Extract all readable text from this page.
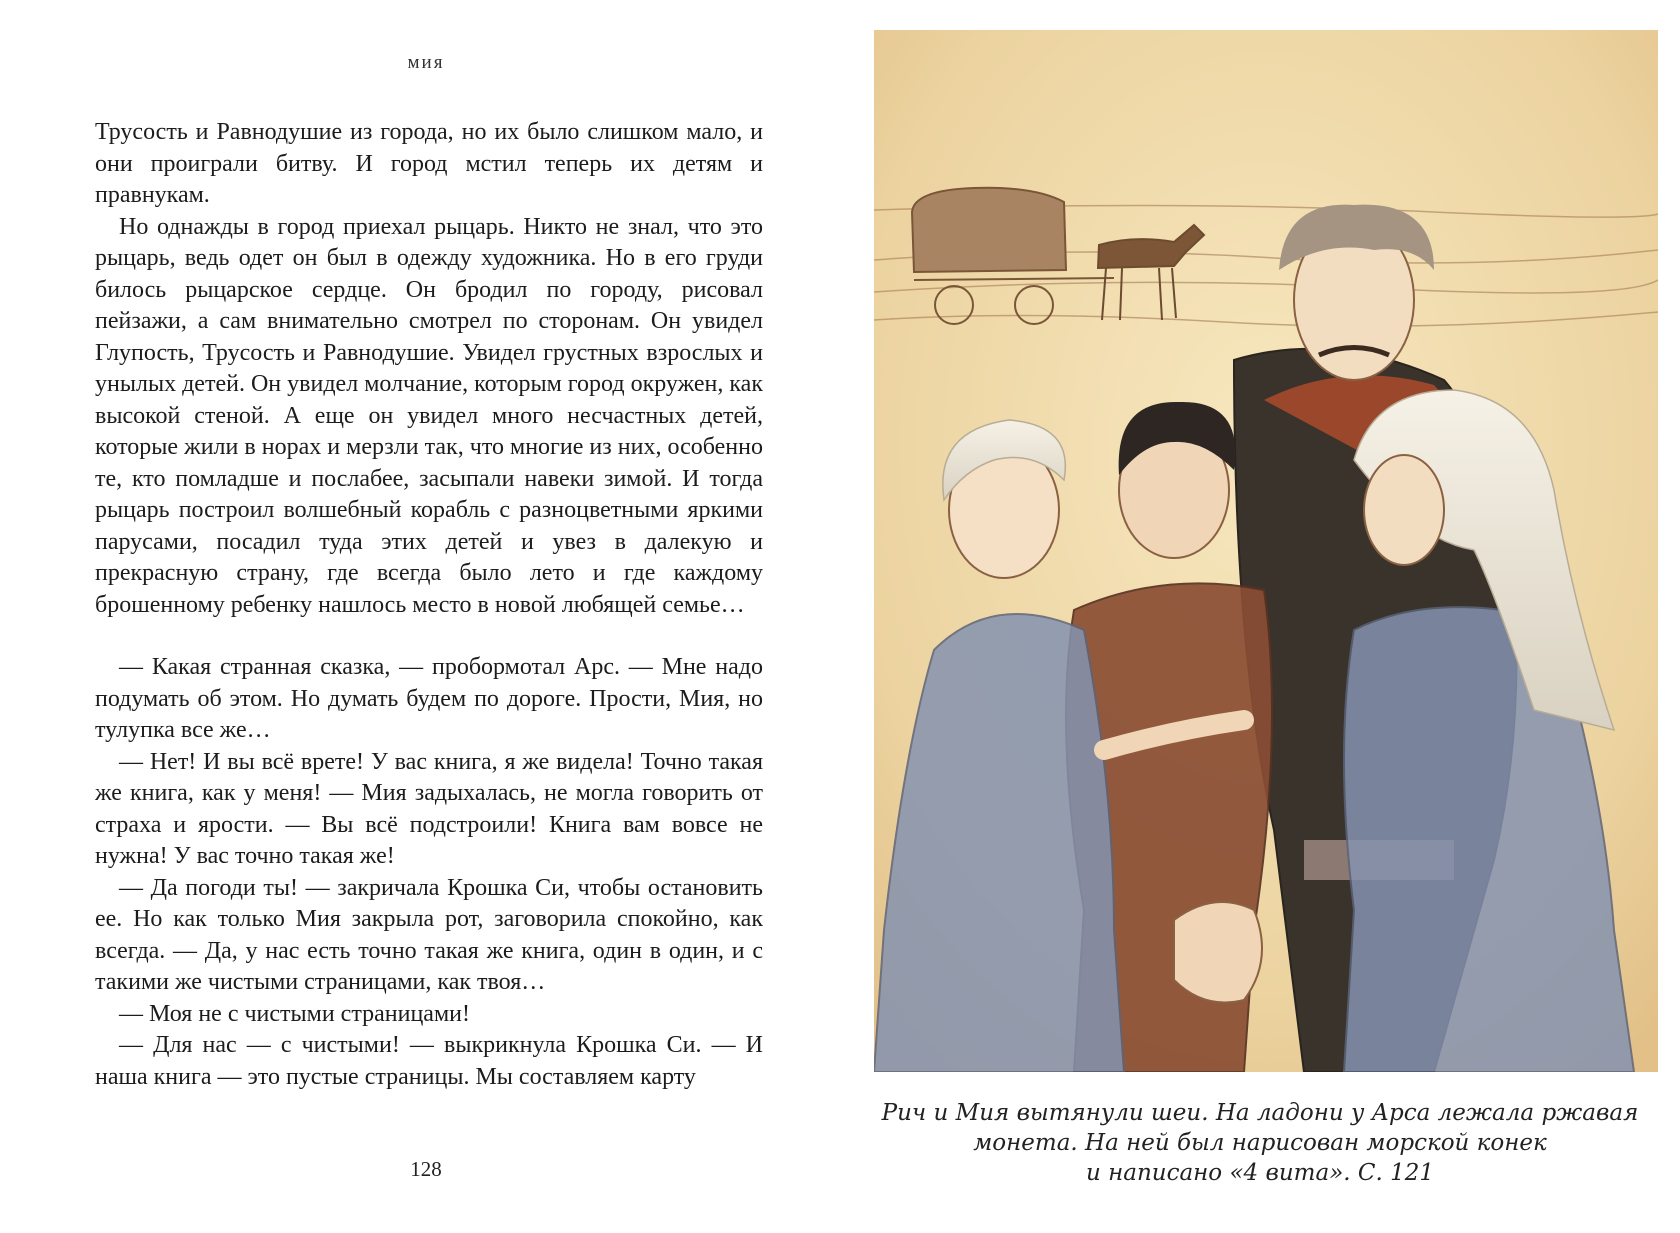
мия

Трусость и Равнодушие из города, но их было слишком мало, и они проиграли битву. И город мстил теперь их детям и правнукам.

Но однажды в город приехал рыцарь. Никто не знал, что это рыцарь, ведь одет он был в одежду художника. Но в его груди билось рыцарское сердце. Он бродил по городу, рисовал пейзажи, а сам внимательно смотрел по сторонам. Он увидел Глупость, Трусость и Равнодушие. Увидел грустных взрослых и унылых детей. Он увидел молчание, которым город окружен, как высокой стеной. А еще он увидел много несчастных детей, которые жили в норах и мерзли так, что многие из них, особенно те, кто помладше и послабее, засыпали навеки зимой. И тогда рыцарь построил волшебный корабль с разноцветными яркими парусами, посадил туда этих детей и увез в далекую и прекрасную страну, где всегда было лето и где каждому брошенному ребенку нашлось место в новой любящей семье…

— Какая странная сказка, — пробормотал Арс. — Мне надо подумать об этом. Но думать будем по дороге. Прости, Мия, но тулупка все же…

— Нет! И вы всё врете! У вас книга, я же видела! Точно такая же книга, как у меня! — Мия задыхалась, не могла говорить от страха и ярости. — Вы всё подстроили! Книга вам вовсе не нужна! У вас точно такая же!

— Да погоди ты! — закричала Крошка Си, чтобы остановить ее. Но как только Мия закрыла рот, заговорила спокойно, как всегда. — Да, у нас есть точно такая же книга, один в один, и с такими же чистыми страницами, как твоя…

— Моя не с чистыми страницами!

— Для нас — с чистыми! — выкрикнула Крошка Си. — И наша книга — это пустые страницы. Мы составляем карту

128
Рич и Мия вытянули шеи. На ладони у Арса лежала ржавая
монета. На ней был нарисован морской конек
и написано «4 вита». С. 121
